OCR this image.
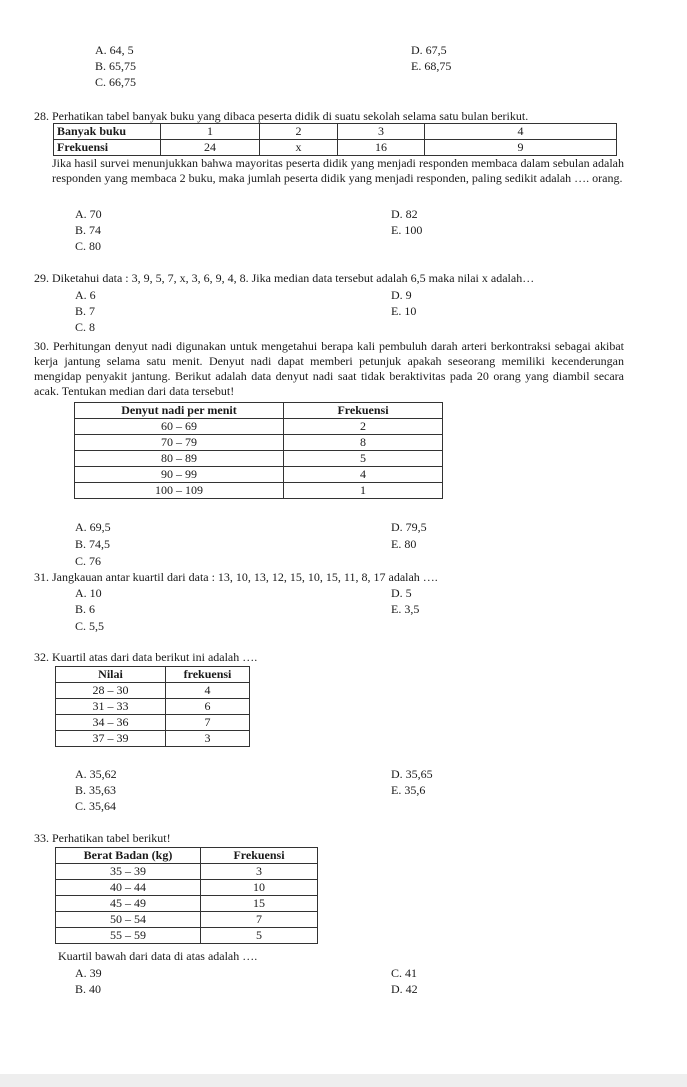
A. 64, 5
B. 65,75
C. 66,75
D. 67,5
E. 68,75
28. Perhatikan tabel banyak buku yang dibaca peserta didik di suatu sekolah selama satu bulan berikut.
Banyak buku	1	2	3	4
Frekuensi	24	x	16	9
Jika hasil survei menunjukkan bahwa mayoritas peserta didik yang menjadi responden membaca dalam sebulan adalah responden yang membaca 2 buku, maka jumlah peserta didik yang menjadi responden, paling sedikit adalah …. orang.
A. 70
B. 74
C. 80
D. 82
E. 100
29. Diketahui data : 3, 9, 5, 7, x, 3, 6, 9, 4, 8. Jika median data tersebut adalah 6,5 maka nilai x adalah…
A. 6
B. 7
C. 8
D. 9
E. 10
30. Perhitungan denyut nadi digunakan untuk mengetahui berapa kali pembuluh darah arteri berkontraksi sebagai akibat kerja jantung selama satu menit. Denyut nadi dapat memberi petunjuk apakah seseorang memiliki kecenderungan mengidap penyakit jantung. Berikut adalah data denyut nadi saat tidak beraktivitas pada 20 orang yang diambil secara acak. Tentukan median dari data tersebut!
Denyut nadi per menit	Frekuensi
60 – 69	2
70 – 79	8
80 – 89	5
90 – 99	4
100 – 109	1
A. 69,5
B. 74,5
C. 76
D. 79,5
E. 80
31. Jangkauan antar kuartil dari data : 13, 10, 13, 12, 15, 10, 15, 11, 8, 17 adalah ….
A. 10
B. 6
C. 5,5
D. 5
E. 3,5
32. Kuartil atas dari data berikut ini adalah ….
Nilai	frekuensi
28 – 30	4
31 – 33	6
34 – 36	7
37 – 39	3
A. 35,62
B. 35,63
C. 35,64
D. 35,65
E. 35,6
33. Perhatikan tabel berikut!
Berat Badan (kg)	Frekuensi
35 – 39	3
40 – 44	10
45 – 49	15
50 – 54	7
55 – 59	5
Kuartil bawah dari data di atas adalah ….
A. 39
B. 40
C. 41
D. 42
